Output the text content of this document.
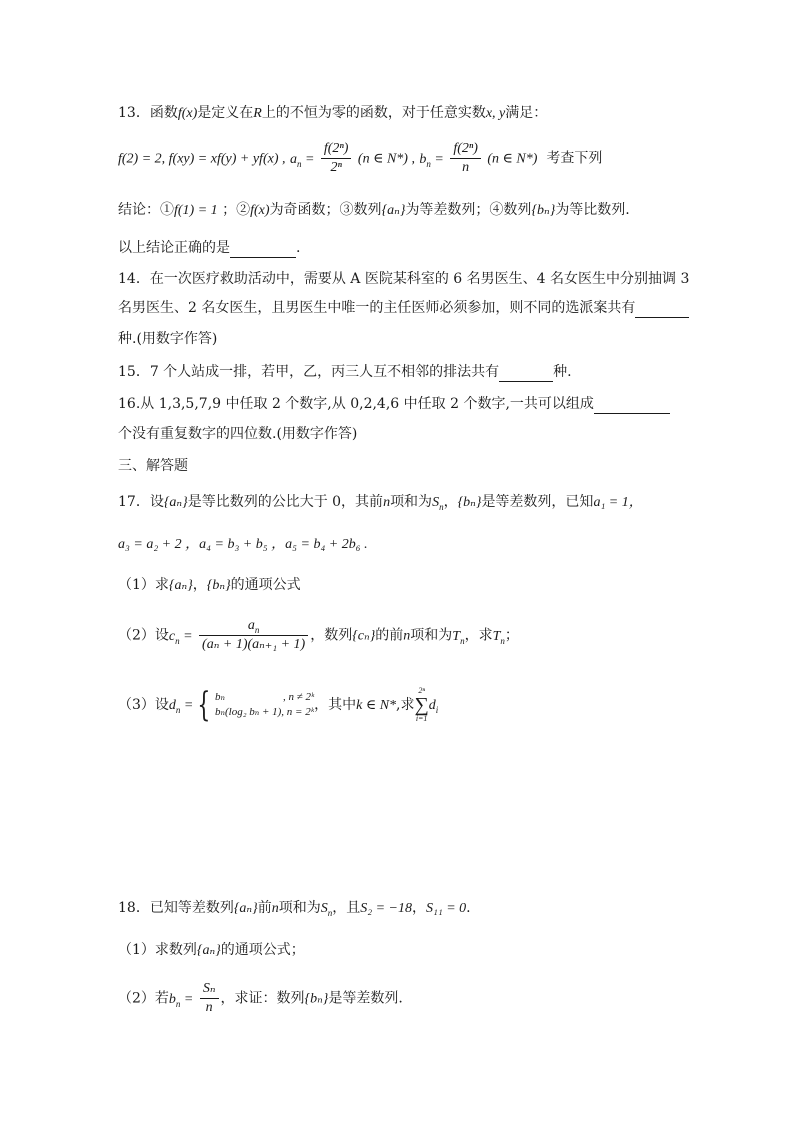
13．函数f(x)是定义在R上的不恒为零的函数，对于任意实数x, y满足：
f(2) = 2, f(xy) = xf(y) + yf(x) , $a_n = \frac{\text{f(2ⁿ)}}{\text{2ⁿ}} (n$ ∈ N*) , $b_n = \frac{\text{f(2ⁿ)}}{n} (n$ ∈ N*) 考查下列
结论：①f(1) = 1 ；②f(x)为奇函数；③数列{aₙ}为等差数列；④数列{bₙ}为等比数列.
以上结论正确的是	.
14．在一次医疗救助活动中，需要从 A 医院某科室的 6 名男医生、4 名女医生中分别抽调 3
名男医生、2 名女医生，且男医生中唯一的主任医师必须参加，则不同的选派案共有
种.(用数字作答)
15．7 个人站成一排，若甲，乙，丙三人互不相邻的排法共有	种.
16.从 1,3,5,7,9 中任取 2 个数字,从 0,2,4,6 中任取 2 个数字,一共可以组成
个没有重复数字的四位数.(用数字作答)
三、解答题
17．设{aₙ}是等比数列的公比大于 0，其前n项和为$S_n$，{bₙ}是等差数列，已知a₁ = 1，
a₃ = a₂ + 2 ，a₄ = b₃ + b₅ ，a₅ = b₄ + 2b₆ .
（1）求{aₙ}，{bₙ}的通项公式
（2）设$c_n = \frac{a_n}{\text{(aₙ + 1)(aₙ₊₁ + 1)}}$ ，数列{cₙ}的前n项和为$T_n$，求$T_n$；
（3）设$d_n$ = { bₙ	, n ≠ 2ᵏ
bₙ(log₂ bₙ + 1), n = 2ᵏ ，其中k ∈ N*,求
2ⁿ
∑
i=1
$d_i$
18．已知等差数列{aₙ}前n项和为$S_n$，且S₂ = −18，S₁₁ = 0.
（1）求数列{aₙ}的通项公式；
（2）若$b_n = \frac{\text{Sₙ}}{n}$ ，求证：数列{bₙ}是等差数列.
